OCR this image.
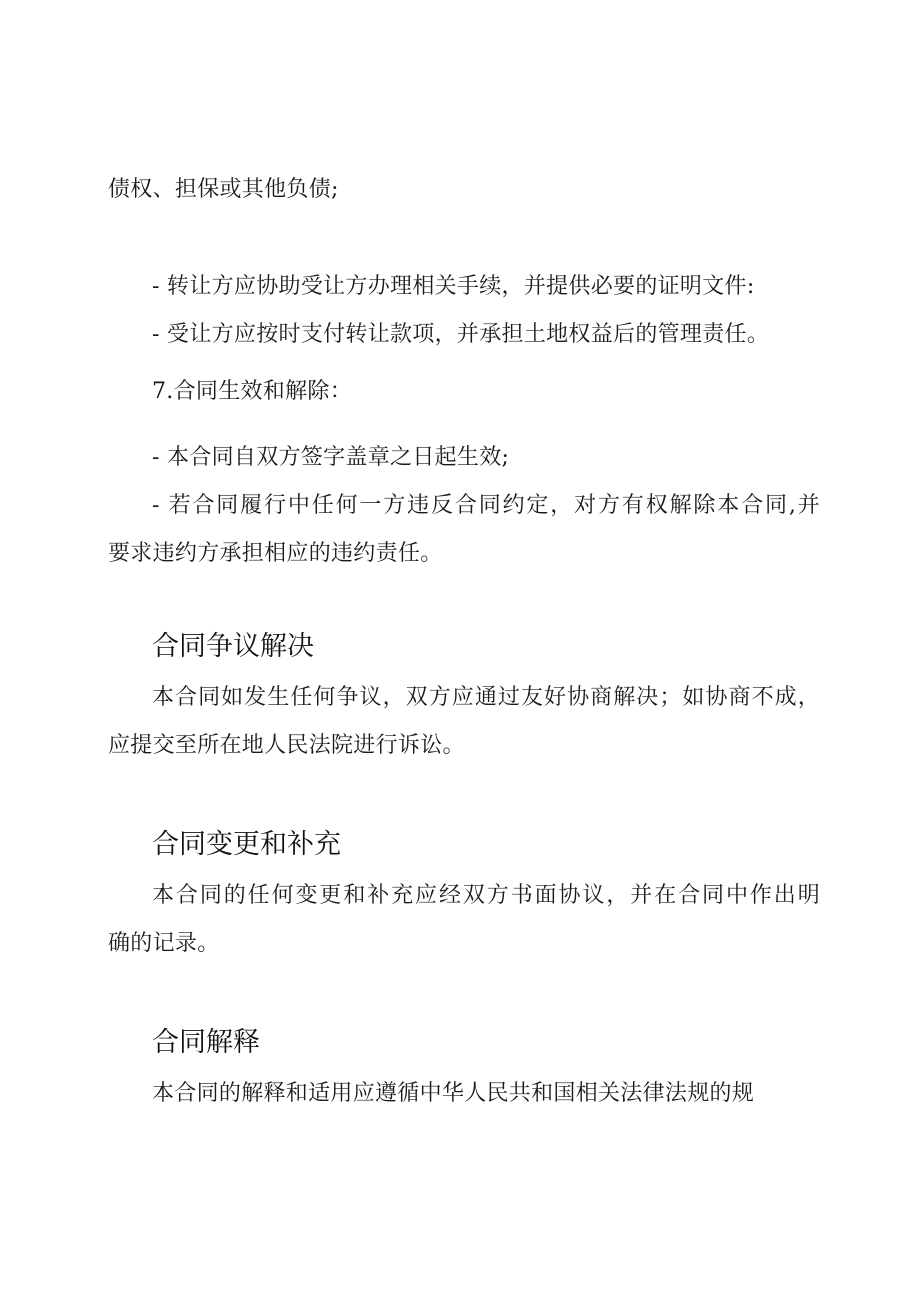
债权、担保或其他负债;
- 转让方应协助受让方办理相关手续，并提供必要的证明文件:
- 受让方应按时支付转让款项，并承担土地权益后的管理责任。
7.合同生效和解除：
- 本合同自双方签字盖章之日起生效;
- 若合同履行中任何一方违反合同约定，对方有权解除本合同,并
要求违约方承担相应的违约责任。
合同争议解决
本合同如发生任何争议，双方应通过友好协商解决；如协商不成，
应提交至所在地人民法院进行诉讼。
合同变更和补充
本合同的任何变更和补充应经双方书面协议，并在合同中作出明
确的记录。
合同解释
本合同的解释和适用应遵循中华人民共和国相关法律法规的规
